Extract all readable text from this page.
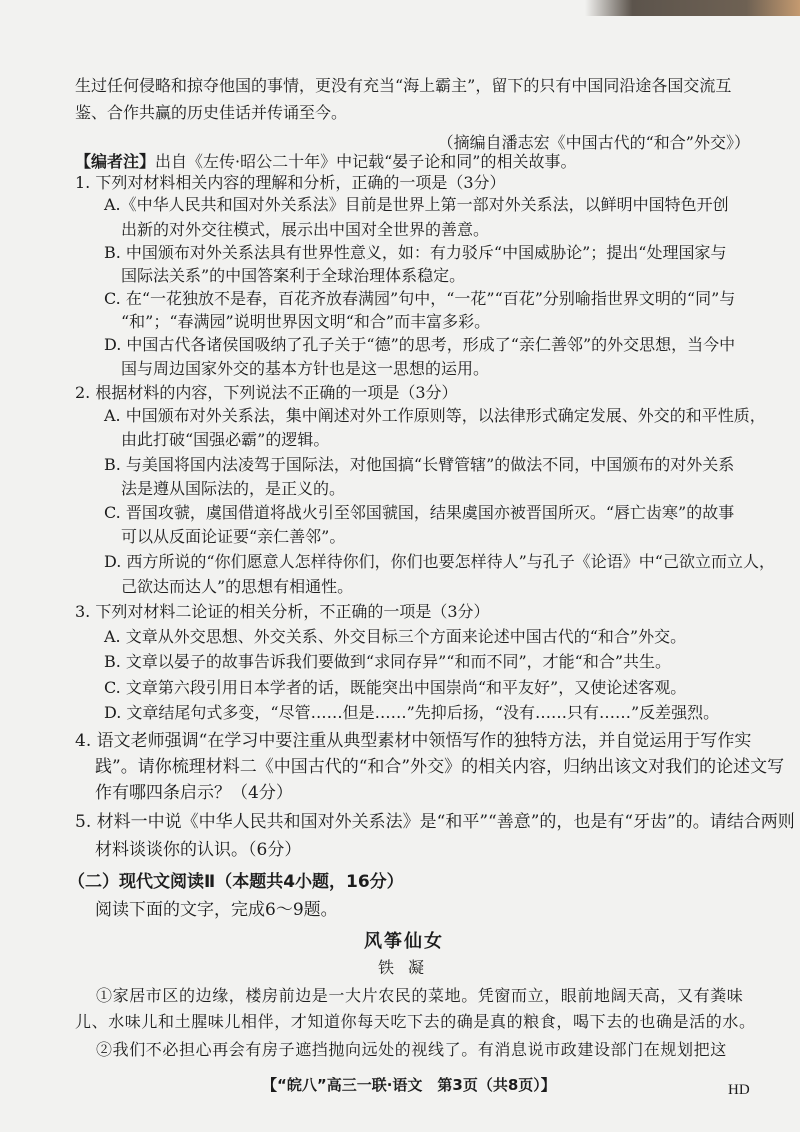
生过任何侵略和掠夺他国的事情，更没有充当“海上霸主”，留下的只有中国同沿途各国交流互
鉴、合作共赢的历史佳话并传诵至今。
（摘编自潘志宏《中国古代的“和合”外交》）
【编者注】出自《左传·昭公二十年》中记载“晏子论和同”的相关故事。
1. 下列对材料相关内容的理解和分析，正确的一项是（3分）
A.《中华人民共和国对外关系法》目前是世界上第一部对外关系法，以鲜明中国特色开创
出新的对外交往模式，展示出中国对全世界的善意。
B. 中国颁布对外关系法具有世界性意义，如：有力驳斥“中国威胁论”；提出“处理国家与
国际法关系”的中国答案利于全球治理体系稳定。
C. 在“一花独放不是春，百花齐放春满园”句中，“一花”“百花”分别喻指世界文明的“同”与
“和”；“春满园”说明世界因文明“和合”而丰富多彩。
D. 中国古代各诸侯国吸纳了孔子关于“德”的思考，形成了“亲仁善邻”的外交思想，当今中
国与周边国家外交的基本方针也是这一思想的运用。
2. 根据材料的内容，下列说法不正确的一项是（3分）
A. 中国颁布对外关系法，集中阐述对外工作原则等，以法律形式确定发展、外交的和平性质，
由此打破“国强必霸”的逻辑。
B. 与美国将国内法凌驾于国际法，对他国搞“长臂管辖”的做法不同，中国颁布的对外关系
法是遵从国际法的，是正义的。
C. 晋国攻虢，虞国借道将战火引至邻国虢国，结果虞国亦被晋国所灭。“唇亡齿寒”的故事
可以从反面论证要“亲仁善邻”。
D. 西方所说的“你们愿意人怎样待你们，你们也要怎样待人”与孔子《论语》中“己欲立而立人，
己欲达而达人”的思想有相通性。
3. 下列对材料二论证的相关分析，不正确的一项是（3分）
A. 文章从外交思想、外交关系、外交目标三个方面来论述中国古代的“和合”外交。
B. 文章以晏子的故事告诉我们要做到“求同存异”“和而不同”，才能“和合”共生。
C. 文章第六段引用日本学者的话，既能突出中国崇尚“和平友好”，又使论述客观。
D. 文章结尾句式多变，“尽管……但是……”先抑后扬，“没有……只有……”反差强烈。
4. 语文老师强调“在学习中要注重从典型素材中领悟写作的独特方法，并自觉运用于写作实
践”。请你梳理材料二《中国古代的“和合”外交》的相关内容，归纳出该文对我们的论述文写
作有哪四条启示？（4分）
5. 材料一中说《中华人民共和国对外关系法》是“和平”“善意”的，也是有“牙齿”的。请结合两则
材料谈谈你的认识。（6分）
（二）现代文阅读Ⅱ（本题共4小题，16分）
阅读下面的文字，完成6～9题。
风筝仙女
铁凝
①家居市区的边缘，楼房前边是一大片农民的菜地。凭窗而立，眼前地阔天高，又有粪味
儿、水味儿和土腥味儿相伴，才知道你每天吃下去的确是真的粮食，喝下去的也确是活的水。
②我们不必担心再会有房子遮挡抛向远处的视线了。有消息说市政建设部门在规划把这
【“皖八”高三一联·语文　第3页（共8页）】	HD
